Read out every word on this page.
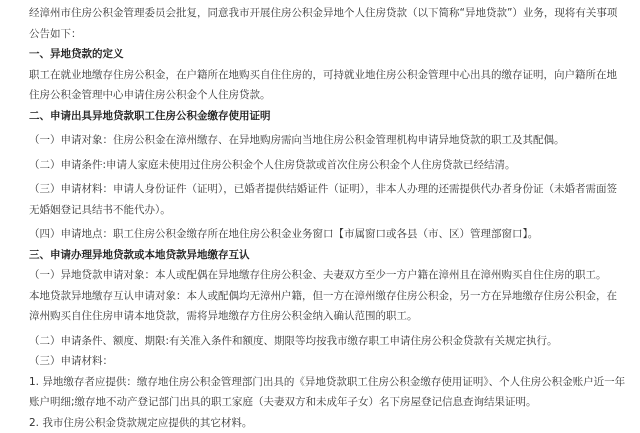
经漳州市住房公积金管理委员会批复，同意我市开展住房公积金异地个人住房贷款（以下简称“异地贷款”）业务，现将有关事项公告如下：

一、异地贷款的定义

职工在就业地缴存住房公积金，在户籍所在地购买自住住房的，可持就业地住房公积金管理中心出具的缴存证明，向户籍所在地住房公积金管理中心申请住房公积金个人住房贷款。

二、申请出具异地贷款职工住房公积金缴存使用证明

（一）申请对象：住房公积金在漳州缴存、在异地购房需向当地住房公积金管理机构申请异地贷款的职工及其配偶。

（二）申请条件:申请人家庭未使用过住房公积金个人住房贷款或首次住房公积金个人住房贷款已经结清。

（三）申请材料：申请人身份证件（证明），已婚者提供结婚证件（证明），非本人办理的还需提供代办者身份证（未婚者需面签无婚姻登记具结书不能代办）。

（四）申请地点：职工住房公积金缴存所在地住房公积金业务窗口【市属窗口或各县（市、区）管理部窗口】。

三、申请办理异地贷款或本地贷款异地缴存互认

（一）异地贷款申请对象：本人或配偶在异地缴存住房公积金、夫妻双方至少一方户籍在漳州且在漳州购买自住住房的职工。

本地贷款异地缴存互认申请对象：本人或配偶均无漳州户籍，但一方在漳州缴存住房公积金，另一方在异地缴存住房公积金，在漳州购买自住住房申请本地贷款，需将异地缴存方住房公积金纳入确认范围的职工。

（二）申请条件、额度、期限:有关准入条件和额度、期限等均按我市缴存职工申请住房公积金贷款有关规定执行。

（三）申请材料：

1. 异地缴存者应提供：缴存地住房公积金管理部门出具的《异地贷款职工住房公积金缴存使用证明》、个人住房公积金账户近一年账户明细;缴存地不动产登记部门出具的职工家庭（夫妻双方和未成年子女）名下房屋登记信息查询结果证明。

2. 我市住房公积金贷款规定应提供的其它材料。
